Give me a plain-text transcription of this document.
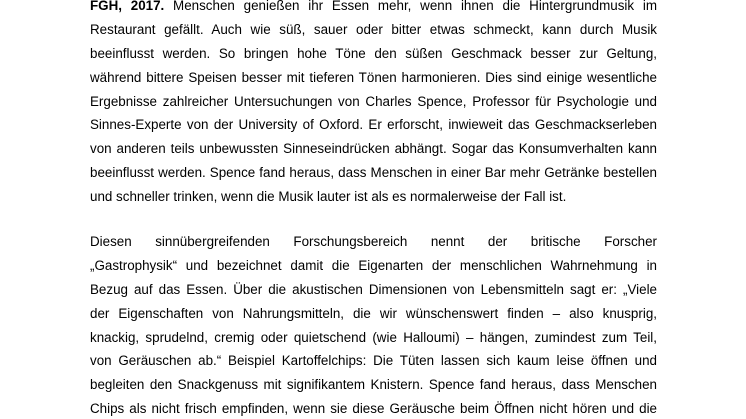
FGH, 2017. Menschen genießen ihr Essen mehr, wenn ihnen die Hintergrundmusik im
Restaurant gefällt. Auch wie süß, sauer oder bitter etwas schmeckt, kann durch Musik
beeinflusst werden. So bringen hohe Töne den süßen Geschmack besser zur Geltung,
während bittere Speisen besser mit tieferen Tönen harmonieren. Dies sind einige wesentliche
Ergebnisse zahlreicher Untersuchungen von Charles Spence, Professor für Psychologie und
Sinnes-Experte von der University of Oxford. Er erforscht, inwieweit das Geschmackserleben
von anderen teils unbewussten Sinneseindrücken abhängt. Sogar das Konsumverhalten kann
beeinflusst werden. Spence fand heraus, dass Menschen in einer Bar mehr Getränke bestellen
und schneller trinken, wenn die Musik lauter ist als es normalerweise der Fall ist.
Diesen sinnübergreifenden Forschungsbereich nennt der britische Forscher
„Gastrophysik“ und bezeichnet damit die Eigenarten der menschlichen Wahrnehmung in
Bezug auf das Essen. Über die akustischen Dimensionen von Lebensmitteln sagt er: „Viele
der Eigenschaften von Nahrungsmitteln, die wir wünschenswert finden – also knusprig,
knackig, sprudelnd, cremig oder quietschend (wie Halloumi) – hängen, zumindest zum Teil,
von Geräuschen ab.“ Beispiel Kartoffelchips: Die Tüten lassen sich kaum leise öffnen und
begleiten den Snackgenuss mit signifikantem Knistern. Spence fand heraus, dass Menschen
Chips als nicht frisch empfinden, wenn sie diese Geräusche beim Öffnen nicht hören und die
